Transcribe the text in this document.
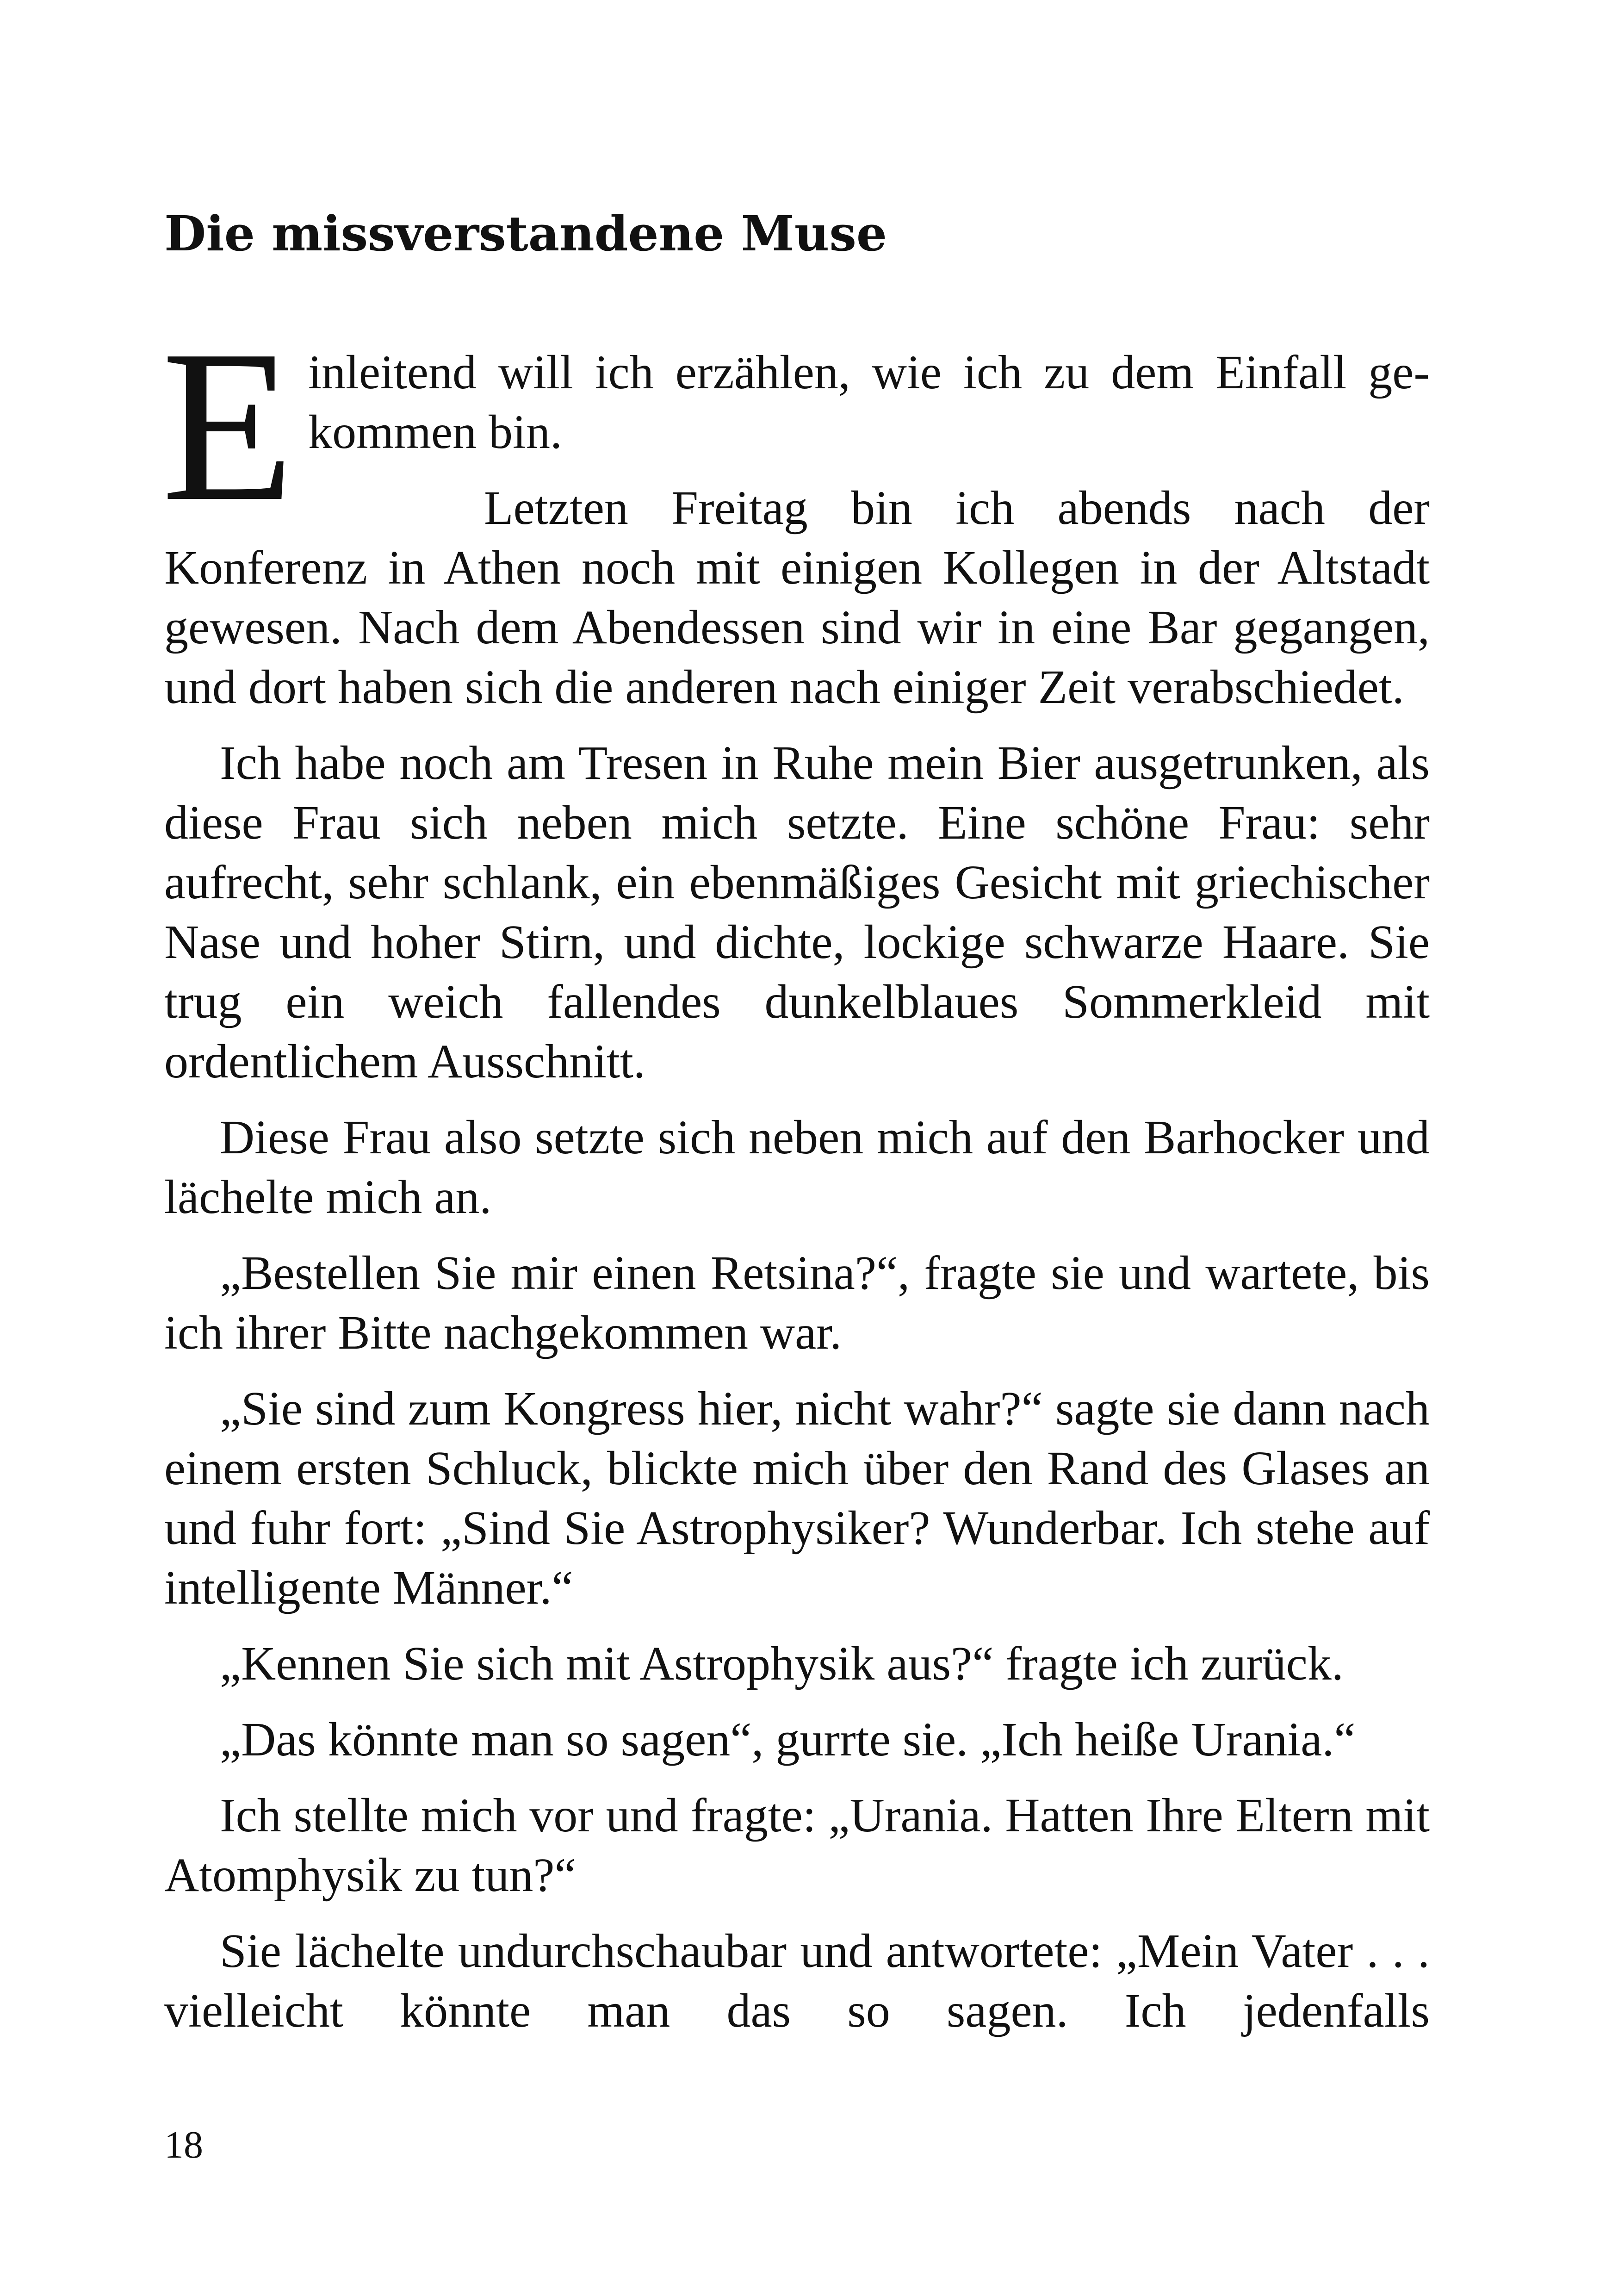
Die missverstandene Muse

Einleitend will ich erzählen, wie ich zu dem Einfall gekommen bin.

Letzten Freitag bin ich abends nach der Konferenz in Athen noch mit einigen Kollegen in der Altstadt gewesen. Nach dem Abendessen sind wir in eine Bar gegangen, und dort haben sich die anderen nach einiger Zeit verabschiedet.

Ich habe noch am Tresen in Ruhe mein Bier ausgetrunken, als diese Frau sich neben mich setzte. Eine schöne Frau: sehr aufrecht, sehr schlank, ein ebenmäßiges Gesicht mit griechischer Nase und hoher Stirn, und dichte, lockige schwarze Haare. Sie trug ein weich fallendes dunkelblaues Sommerkleid mit ordentlichem Ausschnitt.

Diese Frau also setzte sich neben mich auf den Barhocker und lächelte mich an.

„Bestellen Sie mir einen Retsina?“, fragte sie und wartete, bis ich ihrer Bitte nachgekommen war.

„Sie sind zum Kongress hier, nicht wahr?“ sagte sie dann nach einem ersten Schluck, blickte mich über den Rand des Glases an und fuhr fort: „Sind Sie Astrophysiker? Wunderbar. Ich stehe auf intelligente Männer.“

„Kennen Sie sich mit Astrophysik aus?“ fragte ich zurück.

„Das könnte man so sagen“, gurrte sie. „Ich heiße Urania.“

Ich stellte mich vor und fragte: „Urania. Hatten Ihre Eltern mit Atomphysik zu tun?“

Sie lächelte undurchschaubar und antwortete: „Mein Vater . . . vielleicht könnte man das so sagen. Ich jedenfalls

18
